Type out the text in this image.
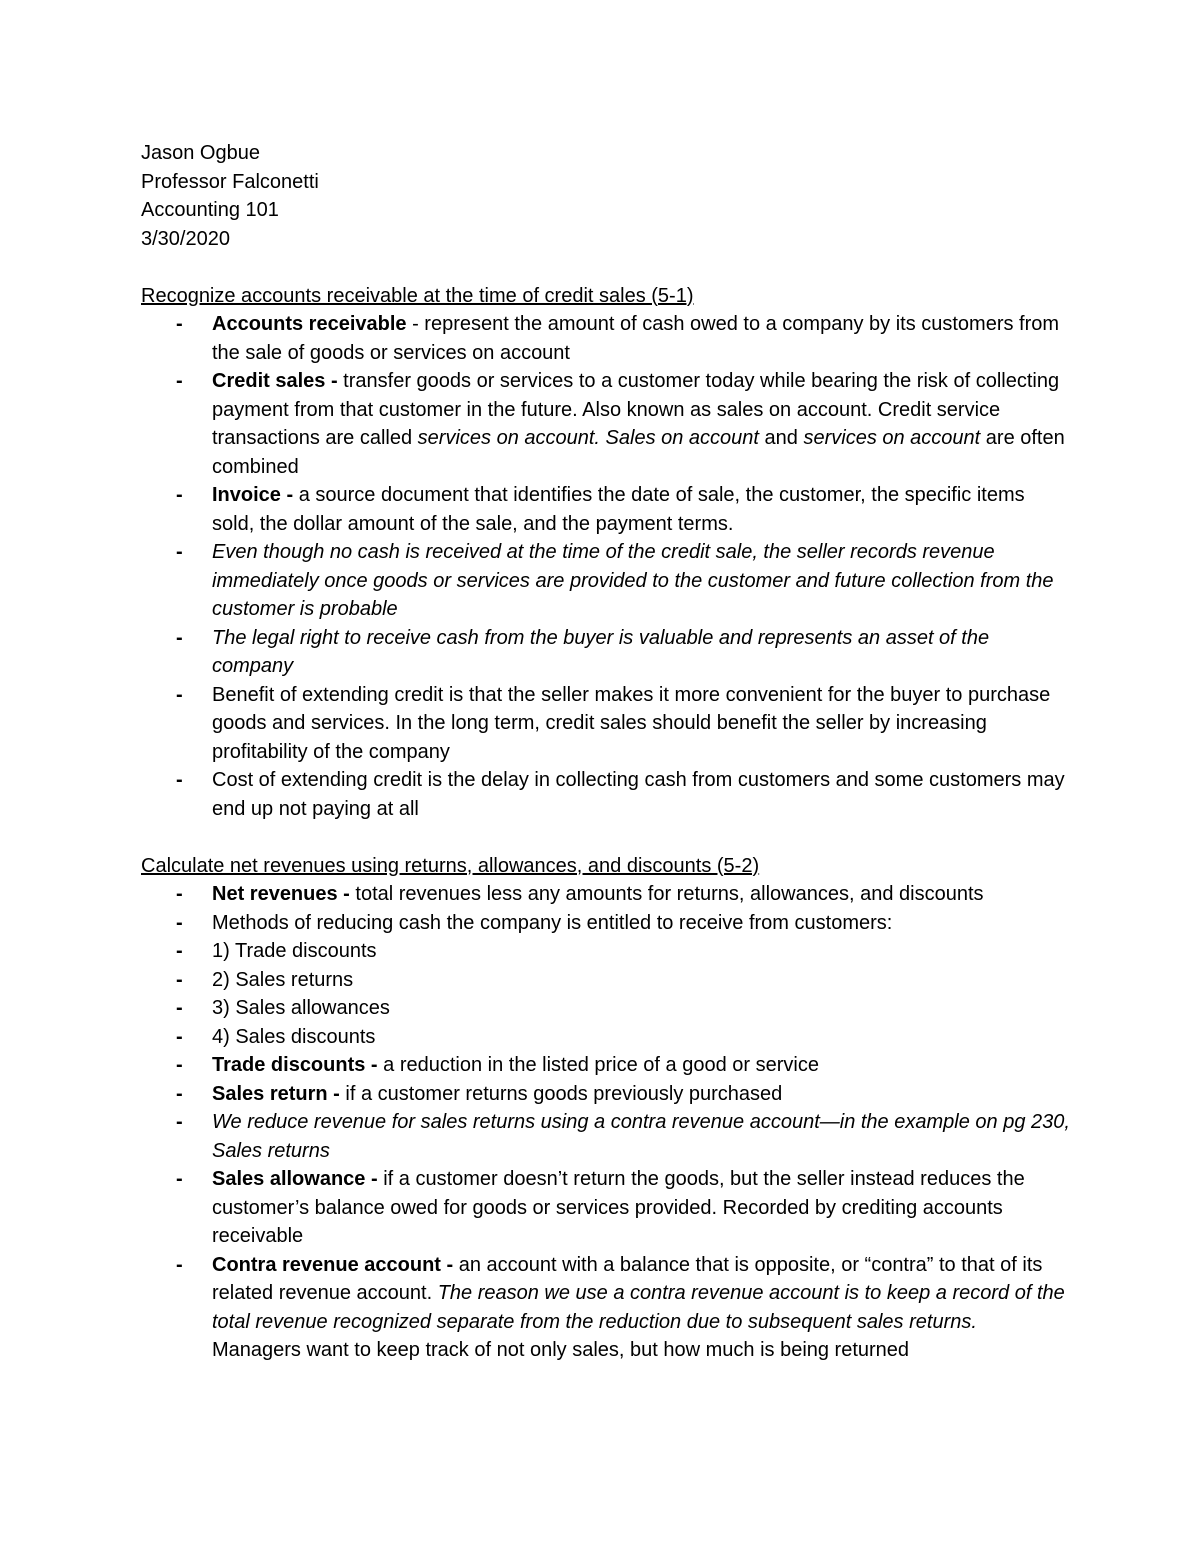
Jason Ogbue

Professor Falconetti

Accounting 101

3/30/2020

Recognize accounts receivable at the time of credit sales (5-1)

- Accounts receivable - represent the amount of cash owed to a company by its customers from the sale of goods or services on account
- Credit sales - transfer goods or services to a customer today while bearing the risk of collecting payment from that customer in the future. Also known as sales on account. Credit service transactions are called services on account. Sales on account and services on account are often combined
- Invoice - a source document that identifies the date of sale, the customer, the specific items sold, the dollar amount of the sale, and the payment terms.
- Even though no cash is received at the time of the credit sale, the seller records revenue immediately once goods or services are provided to the customer and future collection from the customer is probable
- The legal right to receive cash from the buyer is valuable and represents an asset of the company
- Benefit of extending credit is that the seller makes it more convenient for the buyer to purchase goods and services. In the long term, credit sales should benefit the seller by increasing profitability of the company
- Cost of extending credit is the delay in collecting cash from customers and some customers may end up not paying at all

Calculate net revenues using returns, allowances, and discounts (5-2)

- Net revenues - total revenues less any amounts for returns, allowances, and discounts
- Methods of reducing cash the company is entitled to receive from customers:
- 1) Trade discounts
- 2) Sales returns
- 3) Sales allowances
- 4) Sales discounts
- Trade discounts - a reduction in the listed price of a good or service
- Sales return - if a customer returns goods previously purchased
- We reduce revenue for sales returns using a contra revenue account—in the example on pg 230, Sales returns
- Sales allowance - if a customer doesn’t return the goods, but the seller instead reduces the customer’s balance owed for goods or services provided. Recorded by crediting accounts receivable
- Contra revenue account - an account with a balance that is opposite, or “contra” to that of its related revenue account. The reason we use a contra revenue account is to keep a record of the total revenue recognized separate from the reduction due to subsequent sales returns. Managers want to keep track of not only sales, but how much is being returned
